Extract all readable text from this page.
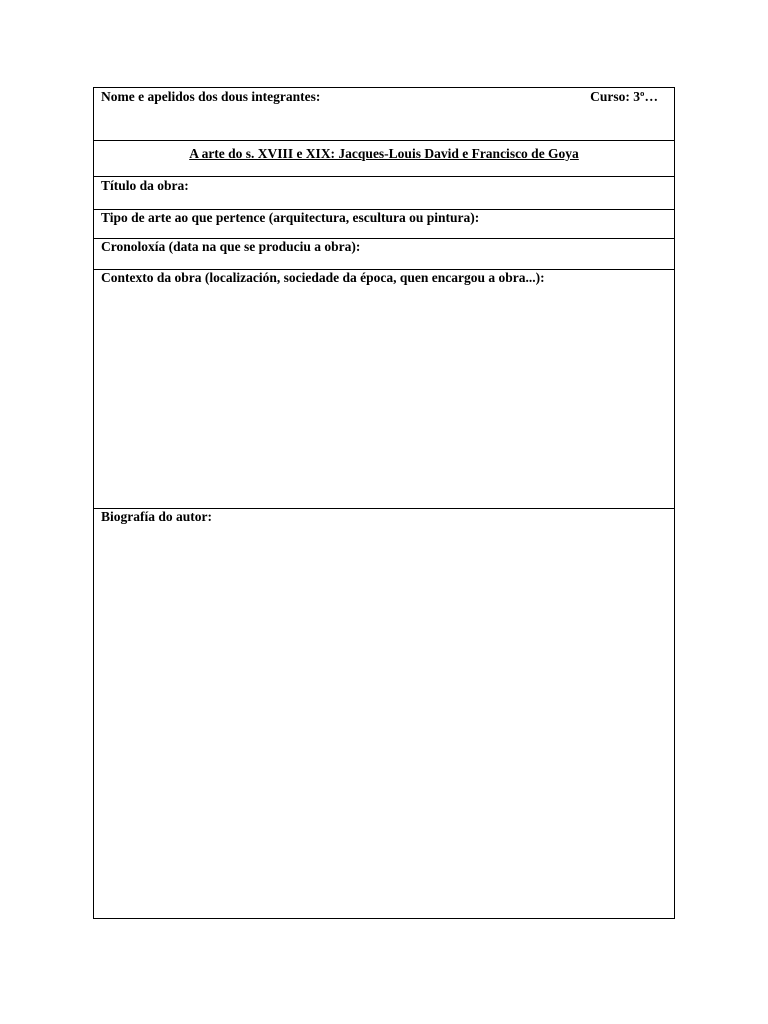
Nome e apelidos dos dous integrantes:	Curso: 3º…
A arte do s. XVIII e XIX: Jacques-Louis David e Francisco de Goya
Título da obra:
Tipo de arte ao que pertence (arquitectura, escultura ou pintura):
Cronoloxía (data na que se produciu a obra):
Contexto da obra (localización, sociedade da época, quen encargou a obra...):
Biografía do autor:
